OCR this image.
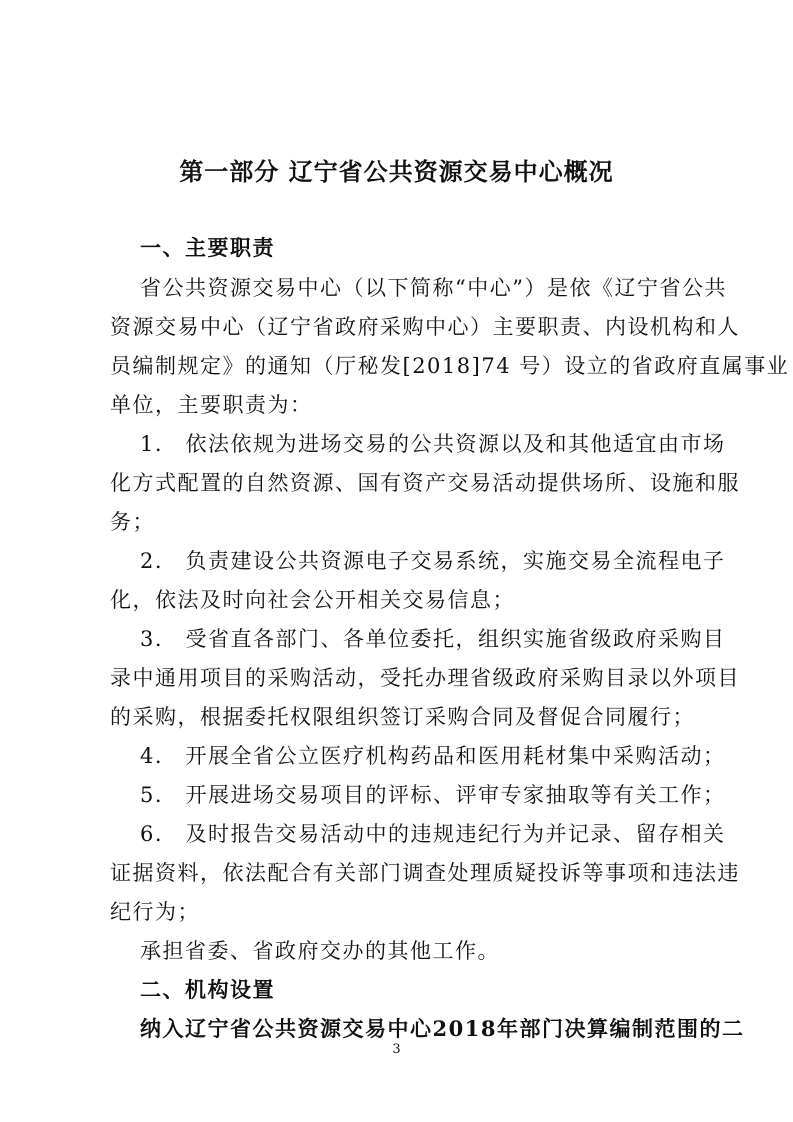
第一部分 辽宁省公共资源交易中心概况
一、主要职责
省公共资源交易中心（以下简称“中心”）是依《辽宁省公共
资源交易中心（辽宁省政府采购中心）主要职责、内设机构和人
员编制规定》的通知（厅秘发[2018]74 号）设立的省政府直属事业
单位，主要职责为：
1.　依法依规为进场交易的公共资源以及和其他适宜由市场
化方式配置的自然资源、国有资产交易活动提供场所、设施和服
务；
2.　负责建设公共资源电子交易系统，实施交易全流程电子
化，依法及时向社会公开相关交易信息；
3.　受省直各部门、各单位委托，组织实施省级政府采购目
录中通用项目的采购活动，受托办理省级政府采购目录以外项目
的采购，根据委托权限组织签订采购合同及督促合同履行；
4.　开展全省公立医疗机构药品和医用耗材集中采购活动；
5.　开展进场交易项目的评标、评审专家抽取等有关工作；
6.　及时报告交易活动中的违规违纪行为并记录、留存相关
证据资料，依法配合有关部门调查处理质疑投诉等事项和违法违
纪行为；
承担省委、省政府交办的其他工作。
二、机构设置
纳入辽宁省公共资源交易中心2018年部门决算编制范围的二
3
